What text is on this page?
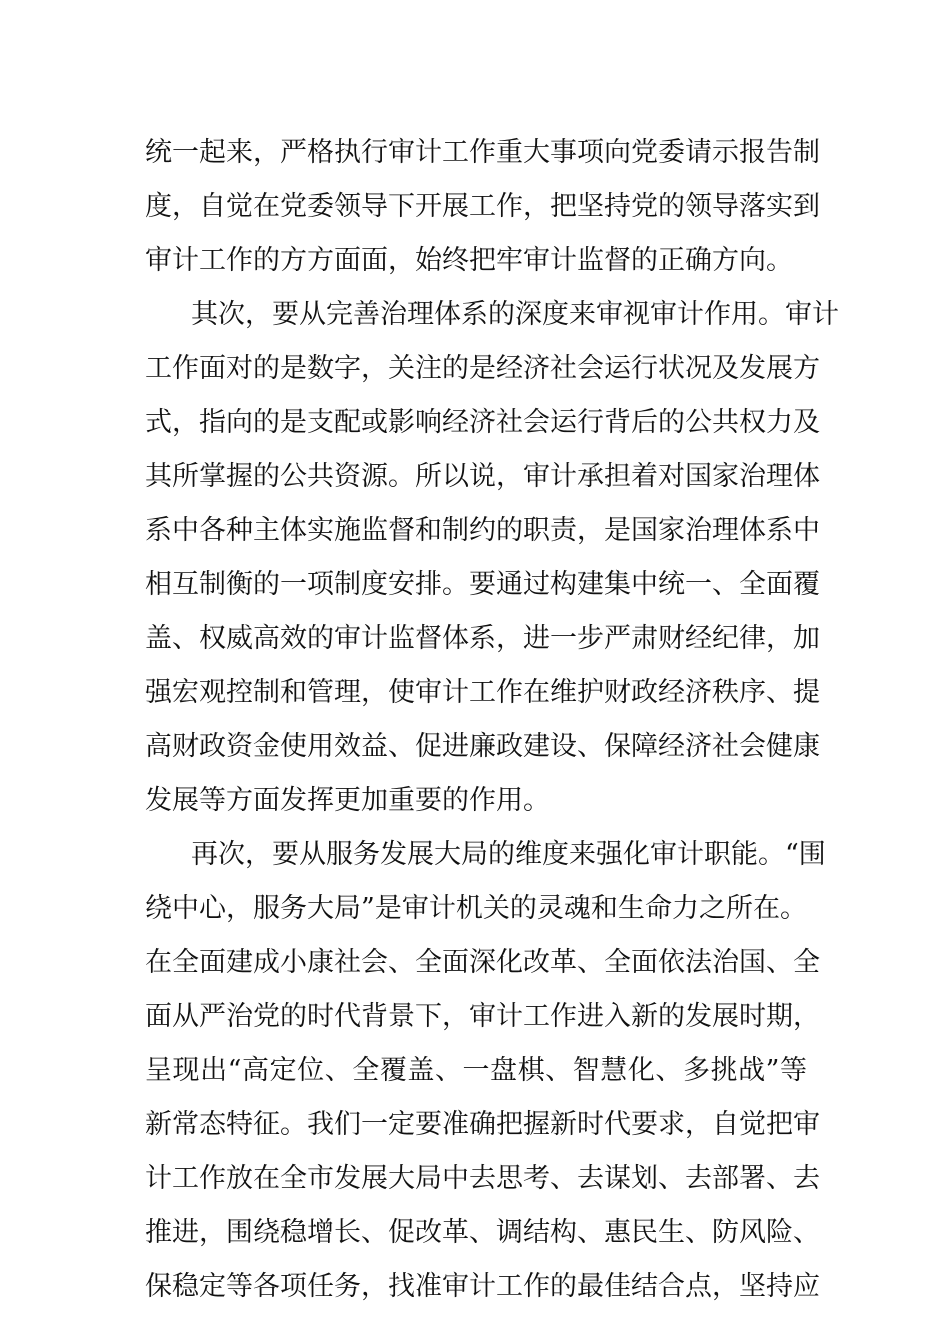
统一起来，严格执行审计工作重大事项向党委请示报告制
度，自觉在党委领导下开展工作，把坚持党的领导落实到
审计工作的方方面面，始终把牢审计监督的正确方向。
其次，要从完善治理体系的深度来审视审计作用。审计
工作面对的是数字，关注的是经济社会运行状况及发展方
式，指向的是支配或影响经济社会运行背后的公共权力及
其所掌握的公共资源。所以说，审计承担着对国家治理体
系中各种主体实施监督和制约的职责，是国家治理体系中
相互制衡的一项制度安排。要通过构建集中统一、全面覆
盖、权威高效的审计监督体系，进一步严肃财经纪律，加
强宏观控制和管理，使审计工作在维护财政经济秩序、提
高财政资金使用效益、促进廉政建设、保障经济社会健康
发展等方面发挥更加重要的作用。
再次，要从服务发展大局的维度来强化审计职能。“围
绕中心，服务大局”是审计机关的灵魂和生命力之所在。
在全面建成小康社会、全面深化改革、全面依法治国、全
面从严治党的时代背景下，审计工作进入新的发展时期，
呈现出“高定位、全覆盖、一盘棋、智慧化、多挑战”等
新常态特征。我们一定要准确把握新时代要求，自觉把审
计工作放在全市发展大局中去思考、去谋划、去部署、去
推进，围绕稳增长、促改革、调结构、惠民生、防风险、
保稳定等各项任务，找准审计工作的最佳结合点，坚持应
